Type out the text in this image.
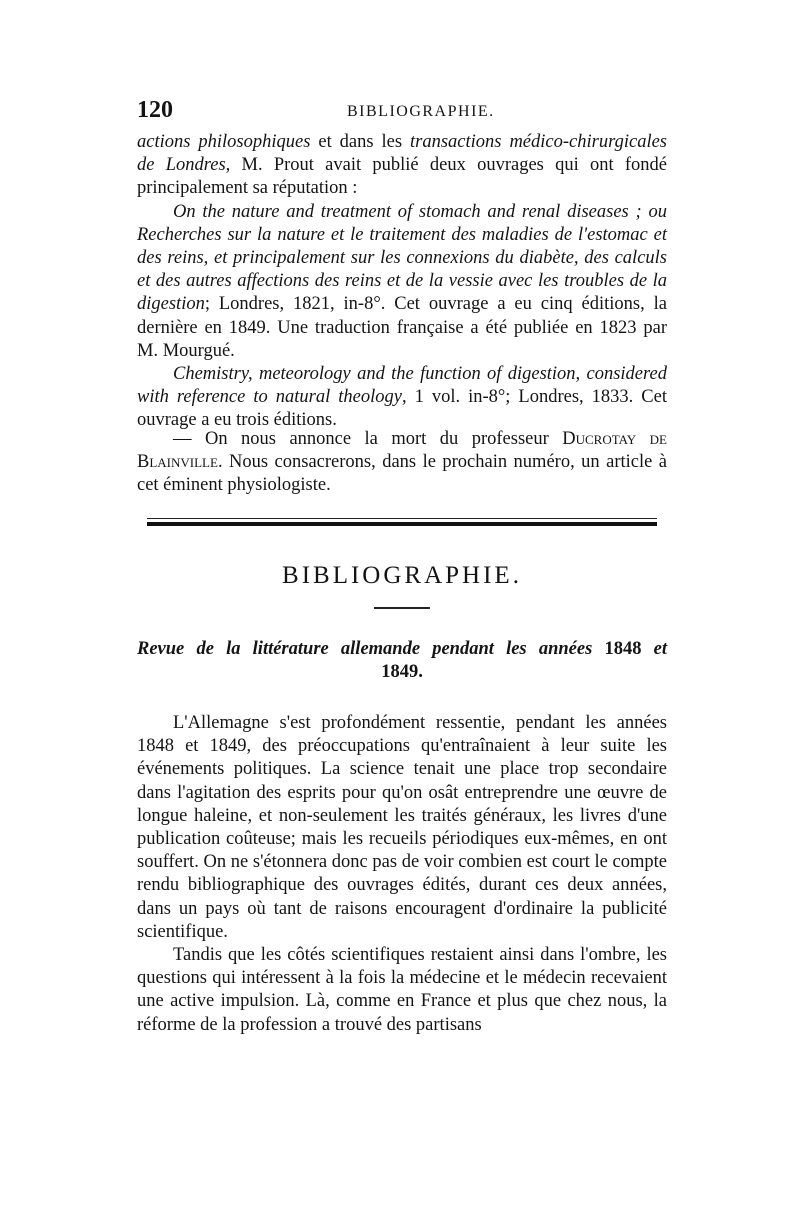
120	BIBLIOGRAPHIE.

actions philosophiques et dans les transactions médico-chirurgicales de Londres, M. Prout avait publié deux ouvrages qui ont fondé principalement sa réputation :

On the nature and treatment of stomach and renal diseases ; ou Recherches sur la nature et le traitement des maladies de l'estomac et des reins, et principalement sur les connexions du diabète, des calculs et des autres affections des reins et de la vessie avec les troubles de la digestion; Londres, 1821, in-8°. Cet ouvrage a eu cinq éditions, la dernière en 1849. Une traduction française a été publiée en 1823 par M. Mourgué.

Chemistry, meteorology and the function of digestion, considered with reference to natural theology, 1 vol. in-8°; Londres, 1833. Cet ouvrage a eu trois éditions.

— On nous annonce la mort du professeur Ducrotay de Blainville. Nous consacrerons, dans le prochain numéro, un article à cet éminent physiologiste.

BIBLIOGRAPHIE.
Revue de la littérature allemande pendant les années 1848 et
1849.

L'Allemagne s'est profondément ressentie, pendant les années 1848 et 1849, des préoccupations qu'entraînaient à leur suite les événements politiques. La science tenait une place trop secondaire dans l'agitation des esprits pour qu'on osât entreprendre une œuvre de longue haleine, et non-seulement les traités généraux, les livres d'une publication coûteuse; mais les recueils périodiques eux-mêmes, en ont souffert. On ne s'étonnera donc pas de voir combien est court le compte rendu bibliographique des ouvrages édités, durant ces deux années, dans un pays où tant de raisons encouragent d'ordinaire la publicité scientifique.

Tandis que les côtés scientifiques restaient ainsi dans l'ombre, les questions qui intéressent à la fois la médecine et le médecin recevaient une active impulsion. Là, comme en France et plus que chez nous, la réforme de la profession a trouvé des partisans
